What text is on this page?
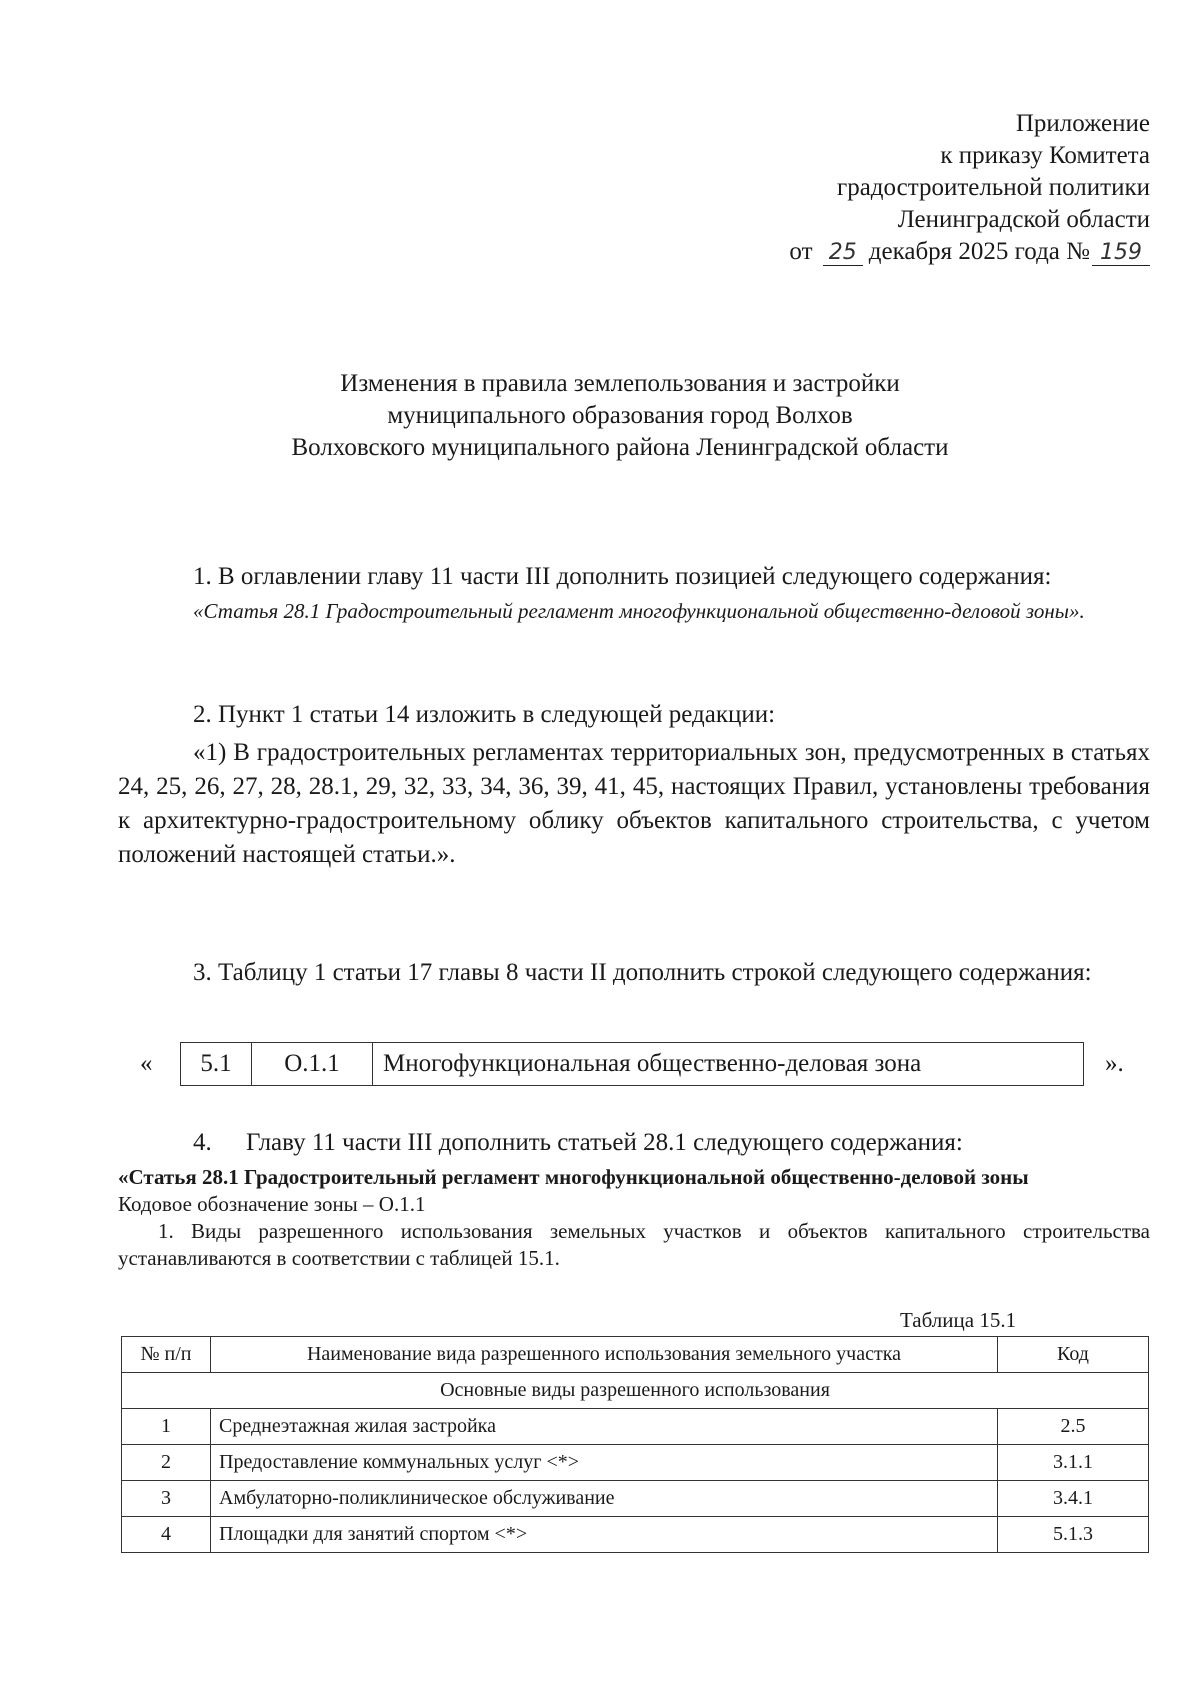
Приложение
к приказу Комитета
градостроительной политики
Ленинградской области
от 25 декабря 2025 года № 159
Изменения в правила землепользования и застройки
муниципального образования город Волхов
Волховского муниципального района Ленинградской области

1. В оглавлении главу 11 части III дополнить позицией следующего содержания:

«Статья 28.1 Градостроительный регламент многофункциональной общественно-деловой зоны».

2. Пункт 1 статьи 14 изложить в следующей редакции:

«1) В градостроительных регламентах территориальных зон, предусмотренных в статьях 24, 25, 26, 27, 28, 28.1, 29, 32, 33, 34, 36, 39, 41, 45, настоящих Правил, установлены требования к архитектурно-градостроительному облику объектов капитального строительства, с учетом положений настоящей статьи.».

3. Таблицу 1 статьи 17 главы 8 части II дополнить строкой следующего содержания:

« 5.1	О.1.1	Многофункциональная общественно-деловая зона	».

4. Главу 11 части III дополнить статьей 28.1 следующего содержания:

«Статья 28.1 Градостроительный регламент многофункциональной общественно-деловой зоны

Кодовое обозначение зоны – О.1.1

1. Виды разрешенного использования земельных участков и объектов капитального строительства устанавливаются в соответствии с таблицей 15.1.

Таблица 15.1
№ п/п	Наименование вида разрешенного использования земельного участка	Код
Основные виды разрешенного использования		
1	Среднеэтажная жилая застройка	2.5
2	Предоставление коммунальных услуг <*>	3.1.1
3	Амбулаторно-поликлиническое обслуживание	3.4.1
4	Площадки для занятий спортом <*>	5.1.3
